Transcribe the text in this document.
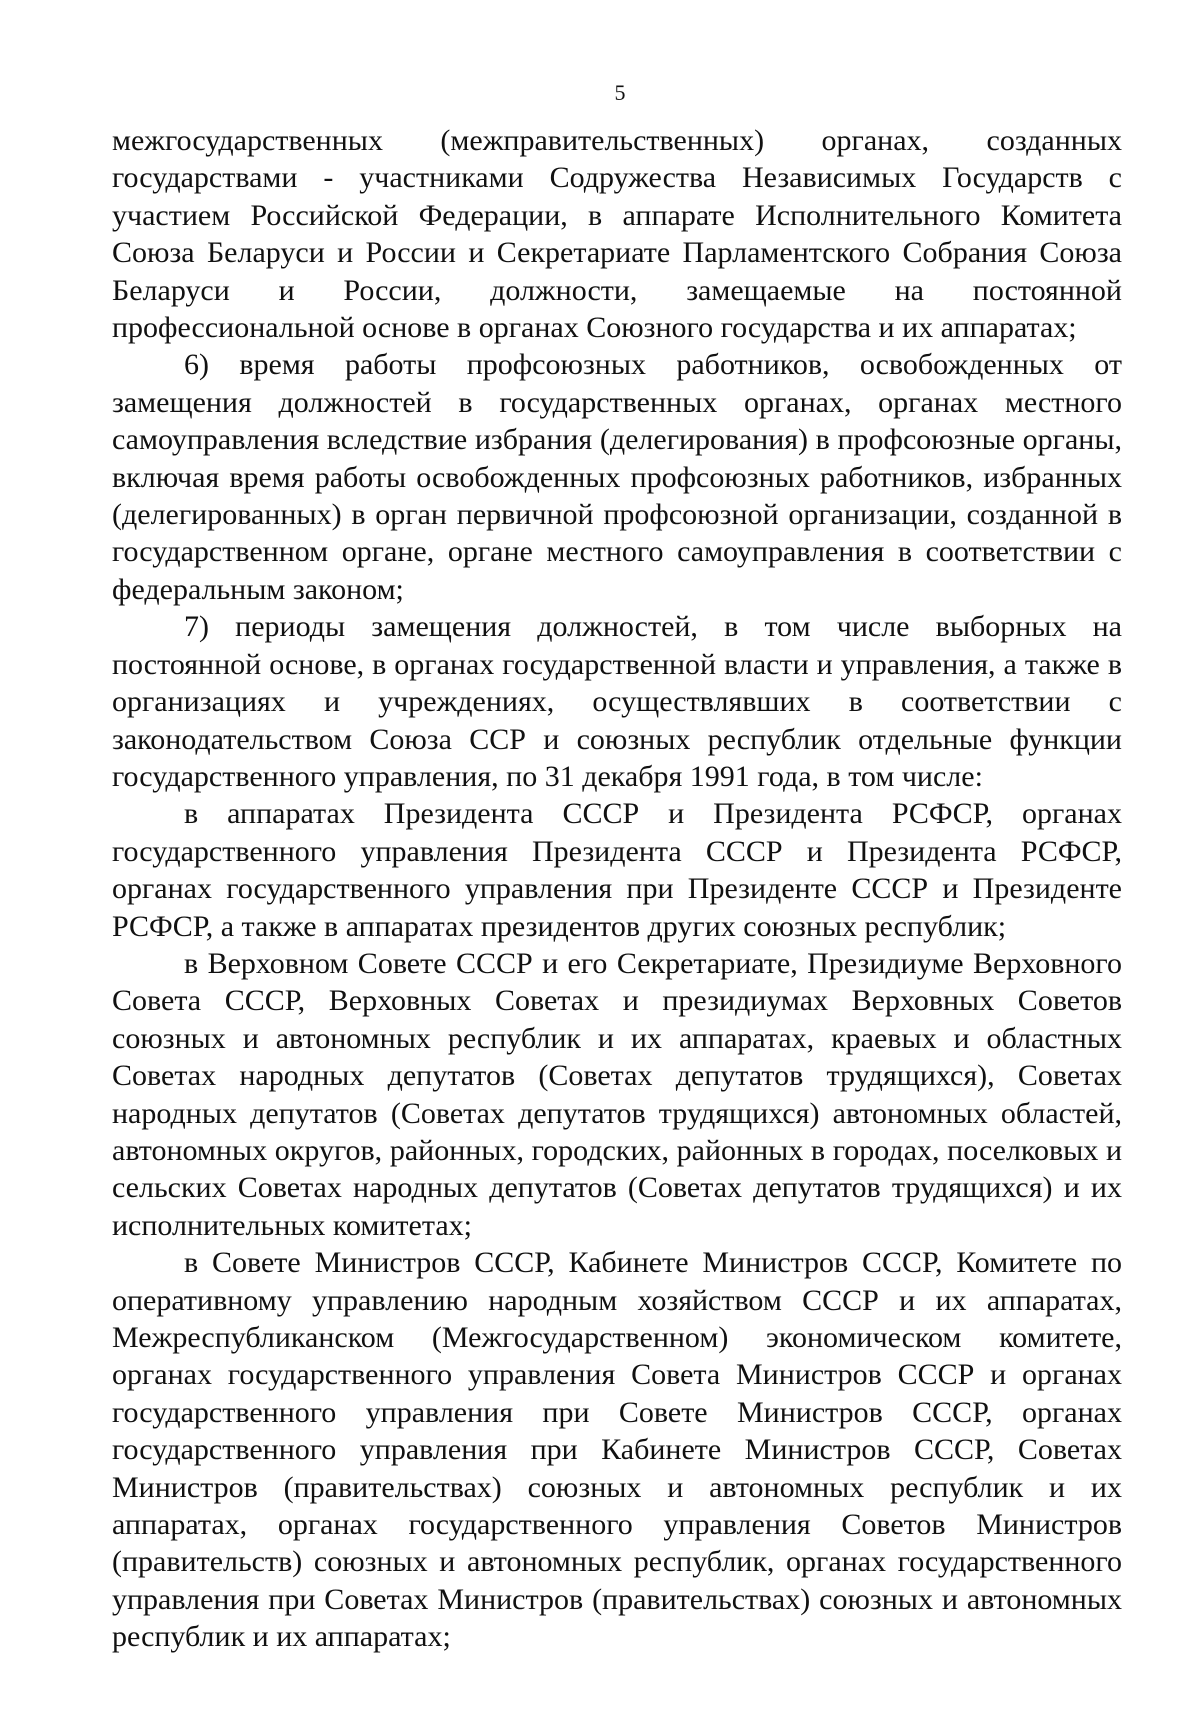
5

межгосударственных (межправительственных) органах, созданных государствами - участниками Содружества Независимых Государств с участием Российской Федерации, в аппарате Исполнительного Комитета Союза Беларуси и России и Секретариате Парламентского Собрания Союза Беларуси и России, должности, замещаемые на постоянной профессиональной основе в органах Союзного государства и их аппаратах;

6) время работы профсоюзных работников, освобожденных от замещения должностей в государственных органах, органах местного самоуправления вследствие избрания (делегирования) в профсоюзные органы, включая время работы освобожденных профсоюзных работников, избранных (делегированных) в орган первичной профсоюзной организации, созданной в государственном органе, органе местного самоуправления в соответствии с федеральным законом;

7) периоды замещения должностей, в том числе выборных на постоянной основе, в органах государственной власти и управления, а также в организациях и учреждениях, осуществлявших в соответствии с законодательством Союза ССР и союзных республик отдельные функции государственного управления, по 31 декабря 1991 года, в том числе:

в аппаратах Президента СССР и Президента РСФСР, органах государственного управления Президента СССР и Президента РСФСР, органах государственного управления при Президенте СССР и Президенте РСФСР, а также в аппаратах президентов других союзных республик;

в Верховном Совете СССР и его Секретариате, Президиуме Верховного Совета СССР, Верховных Советах и президиумах Верховных Советов союзных и автономных республик и их аппаратах, краевых и областных Советах народных депутатов (Советах депутатов трудящихся), Советах народных депутатов (Советах депутатов трудящихся) автономных областей, автономных округов, районных, городских, районных в городах, поселковых и сельских Советах народных депутатов (Советах депутатов трудящихся) и их исполнительных комитетах;

в Совете Министров СССР, Кабинете Министров СССР, Комитете по оперативному управлению народным хозяйством СССР и их аппаратах, Межреспубликанском (Межгосударственном) экономическом комитете, органах государственного управления Совета Министров СССР и органах государственного управления при Совете Министров СССР, органах государственного управления при Кабинете Министров СССР, Советах Министров (правительствах) союзных и автономных республик и их аппаратах, органах государственного управления Советов Министров (правительств) союзных и автономных республик, органах государственного управления при Советах Министров (правительствах) союзных и автономных республик и их аппаратах;
